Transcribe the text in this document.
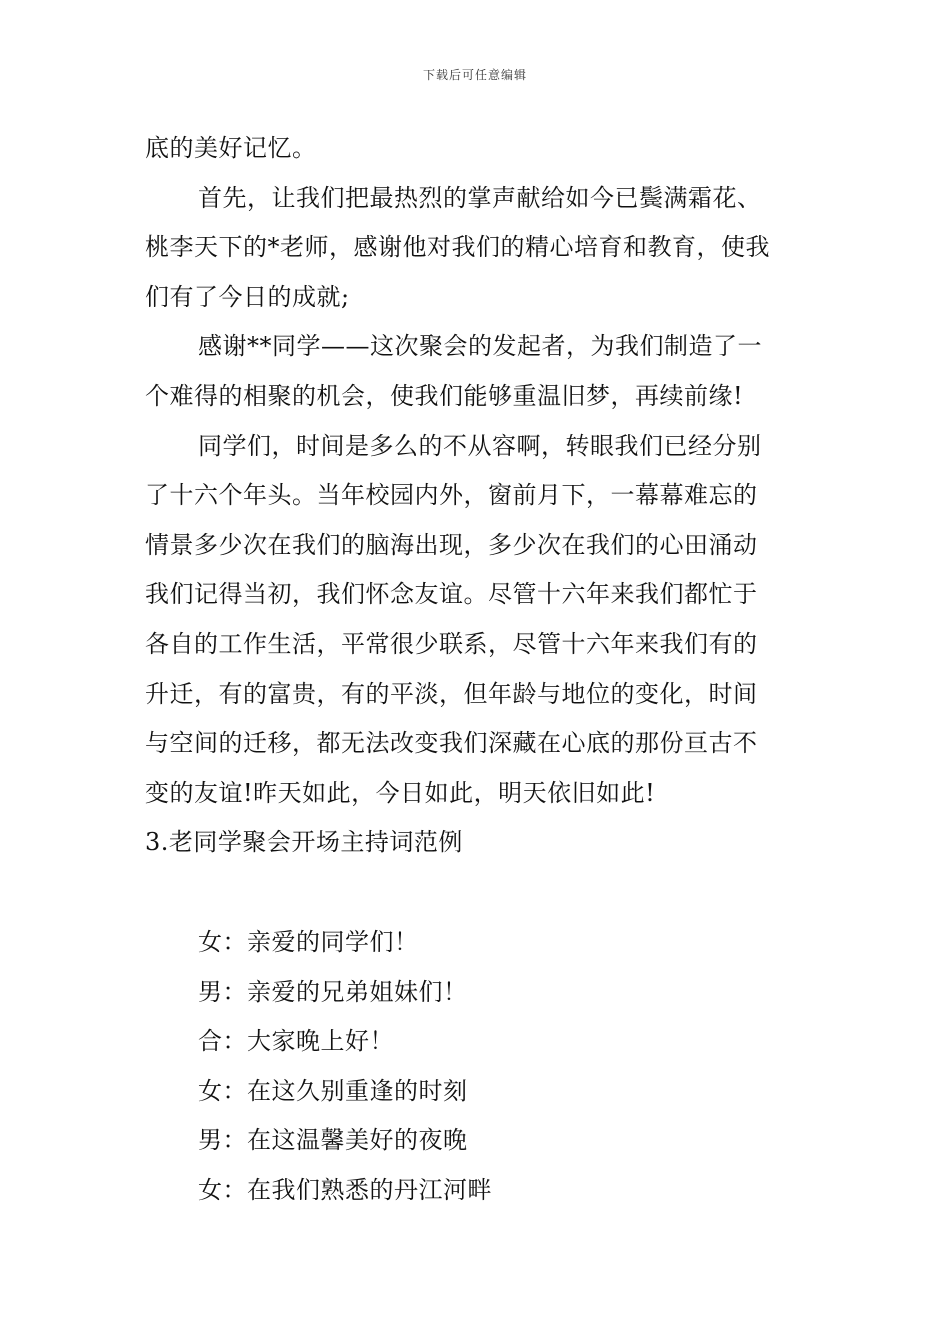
下载后可任意编辑
底的美好记忆。
首先，让我们把最热烈的掌声献给如今已鬓满霜花、
桃李天下的*老师，感谢他对我们的精心培育和教育，使我
们有了今日的成就;
感谢**同学——这次聚会的发起者，为我们制造了一
个难得的相聚的机会，使我们能够重温旧梦，再续前缘!
同学们，时间是多么的不从容啊，转眼我们已经分别
了十六个年头。当年校园内外，窗前月下，一幕幕难忘的
情景多少次在我们的脑海出现，多少次在我们的心田涌动
我们记得当初，我们怀念友谊。尽管十六年来我们都忙于
各自的工作生活，平常很少联系，尽管十六年来我们有的
升迁，有的富贵，有的平淡，但年龄与地位的变化，时间
与空间的迁移，都无法改变我们深藏在心底的那份亘古不
变的友谊!昨天如此，今日如此，明天依旧如此!
3.老同学聚会开场主持词范例
女：亲爱的同学们！
男：亲爱的兄弟姐妹们！
合：大家晚上好！
女：在这久别重逢的时刻
男：在这温馨美好的夜晚
女：在我们熟悉的丹江河畔
